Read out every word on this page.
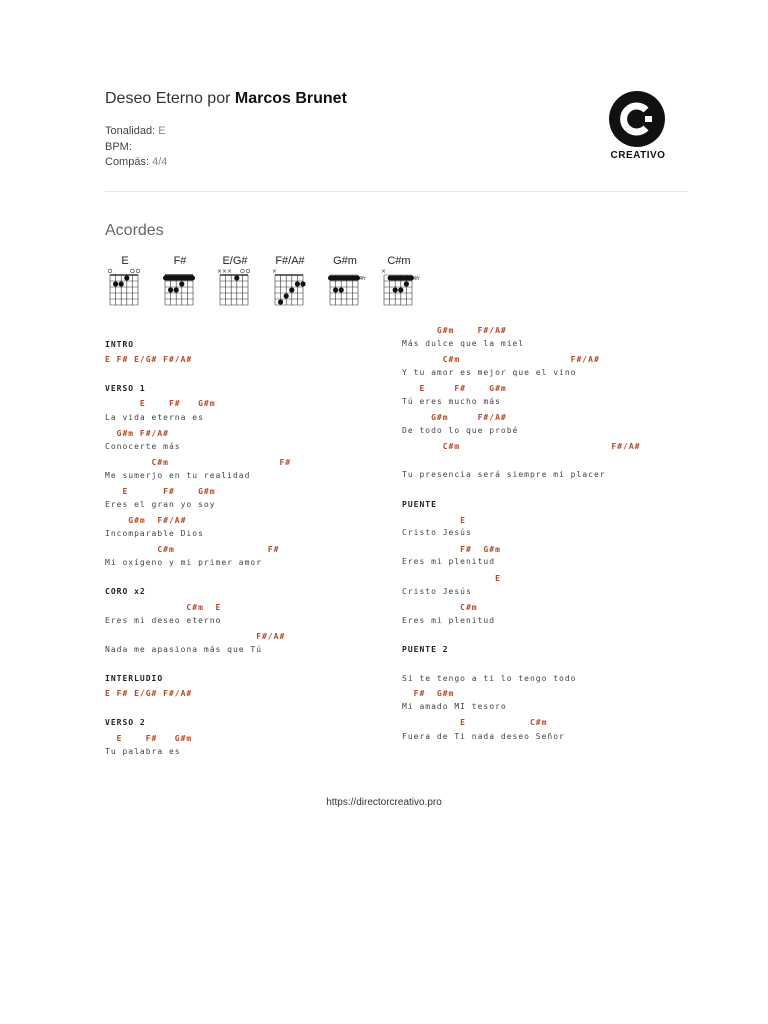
Deseo Eterno por Marcos Brunet
Tonalidad: E
BPM:
Compás: 4/4
CREATIVO
Acordes
E	F#	E/G#
×××
F#/A#
×
G#m
4fr
C#m
×
4fr
INTRO
E F# E/G# F#/A#
VERSO 1
E    F#   G#m
La vida eterna es
G#m F#/A#
Conocerte más
C#m                   F#
Me sumerjo en tu realidad
E      F#    G#m
Eres el gran yo soy
G#m  F#/A#
Incomparable Dios
C#m                F#
Mi oxígeno y mi primer amor
CORO x2
C#m  E
Eres mi deseo eterno
F#/A#
Nada me apasiona más que Tú
INTERLUDIO
E F# E/G# F#/A#
VERSO 2
E    F#   G#m
Tu palabra es
G#m    F#/A#
Más dulce que la miel
C#m                   F#/A#
Y tu amor es mejor que el vino
E     F#    G#m
Tú eres mucho más
G#m     F#/A#
De todo lo que probé
C#m                          F#/A#
Tu presencia será siempre mi placer
PUENTE
E
Cristo Jesús
F#  G#m
Eres mi plenitud
E
Cristo Jesús
C#m
Eres mi plenitud
PUENTE 2
Si te tengo a ti lo tengo todo
F#  G#m
Mi amado MI tesoro
E           C#m
Fuera de Ti nada deseo Señor
https://directorcreativo.pro
